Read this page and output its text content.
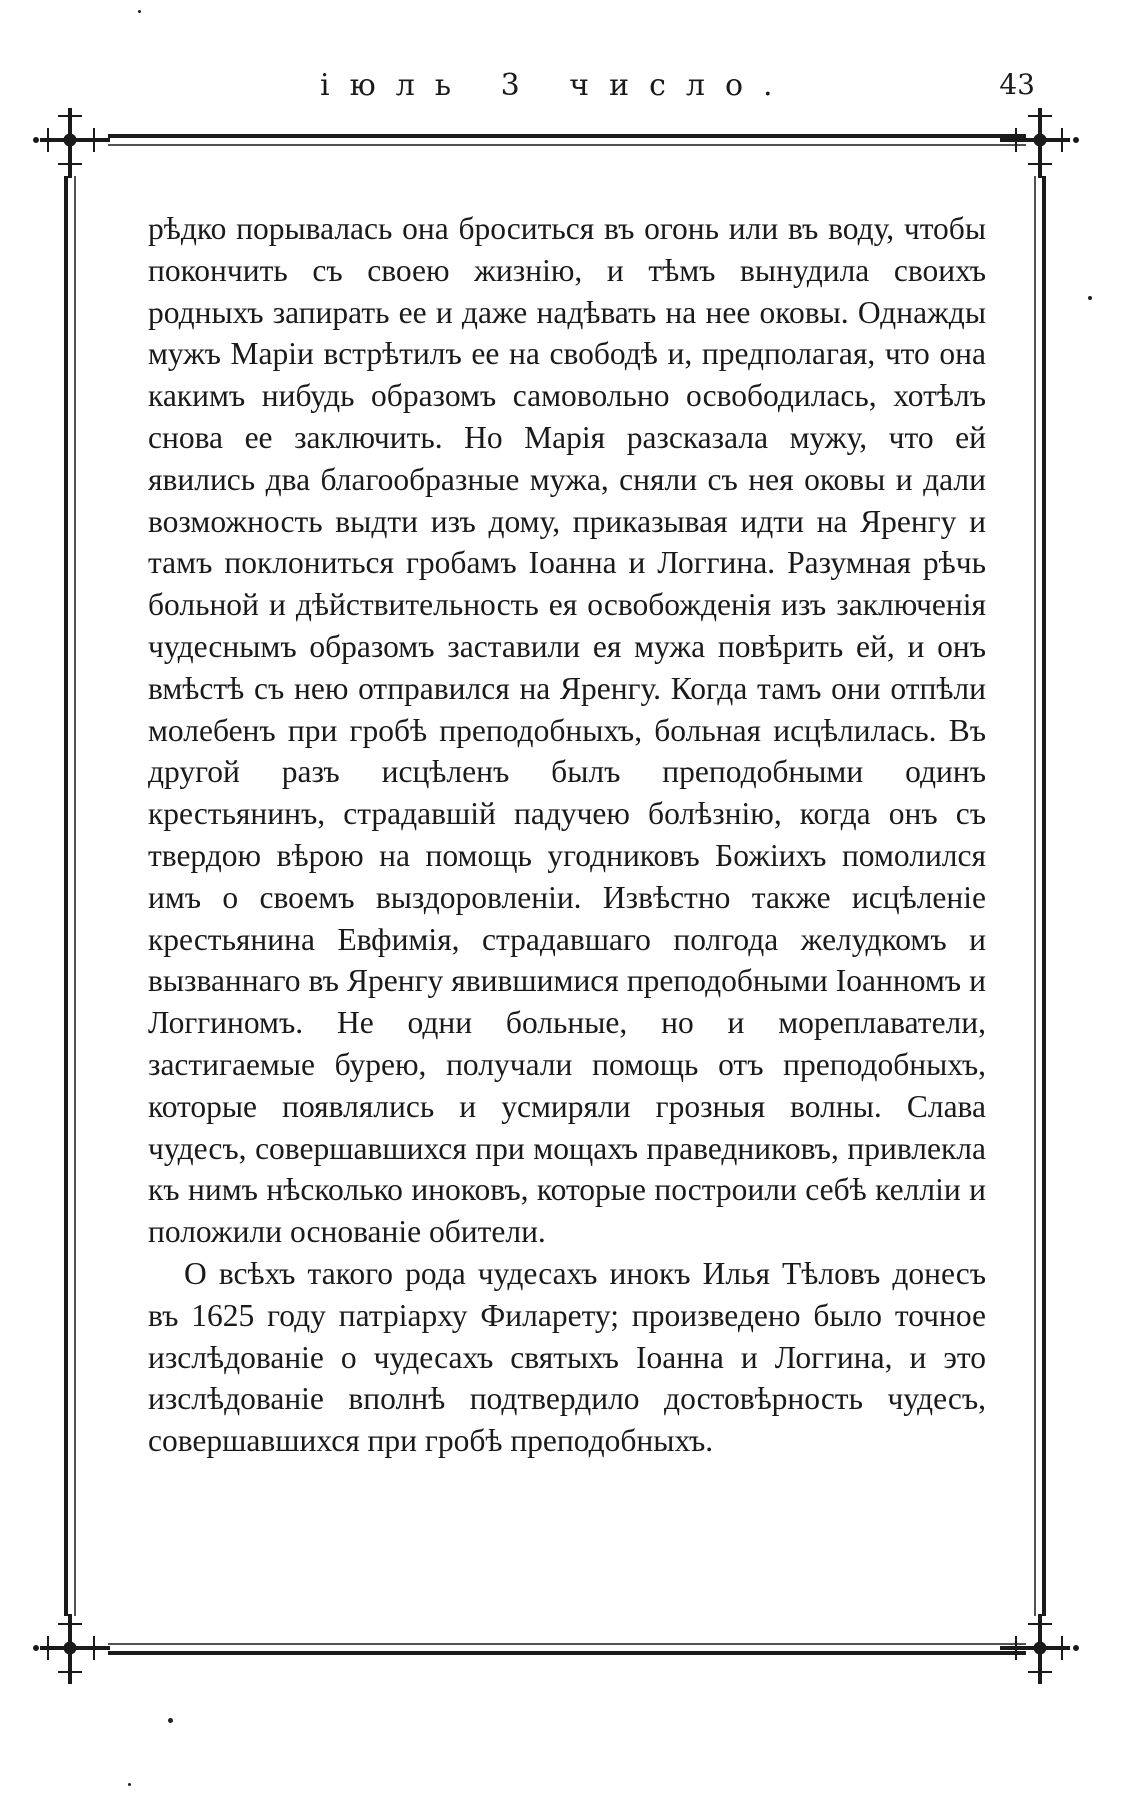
іюль 3 число.	43

рѣдко порывалась она броситься въ огонь или въ воду, чтобы покончить съ своею жизнію, и тѣмъ вынудила своихъ родныхъ запирать ее и даже надѣвать на нее оковы. Однажды мужъ Маріи встрѣтилъ ее на свободѣ и, предполагая, что она какимъ нибудь образомъ самовольно освободилась, хотѣлъ снова ее заключить. Но Марія разсказала мужу, что ей явились два благообразные мужа, сняли съ нея оковы и дали возможность выдти изъ дому, приказывая идти на Яренгу и тамъ поклониться гробамъ Іоанна и Логгина. Разумная рѣчь больной и дѣйствительность ея освобожденія изъ заключенія чудеснымъ образомъ заставили ея мужа повѣрить ей, и онъ вмѣстѣ съ нею отправился на Яренгу. Когда тамъ они отпѣли молебенъ при гробѣ преподобныхъ, больная исцѣлилась. Въ другой разъ исцѣленъ былъ преподобными одинъ крестьянинъ, страдавшій падучею болѣзнію, когда онъ съ твердою вѣрою на помощь угодниковъ Божіихъ помолился имъ о своемъ выздоровленіи. Извѣстно также исцѣленіе крестьянина Евфимія, страдавшаго полгода желудкомъ и вызваннаго въ Яренгу явившимися преподобными Іоанномъ и Логгиномъ. Не одни больные, но и мореплаватели, застигаемые бурею, получали помощь отъ преподобныхъ, которые появлялись и усмиряли грозныя волны. Слава чудесъ, совершавшихся при мощахъ праведниковъ, привлекла къ нимъ нѣсколько иноковъ, которые построили себѣ келліи и положили основаніе обители.

О всѣхъ такого рода чудесахъ инокъ Илья Тѣловъ донесъ въ 1625 году патріарху Филарету; произведено было точное изслѣдованіе о чудесахъ святыхъ Іоанна и Логгина, и это изслѣдованіе вполнѣ подтвердило достовѣрность чудесъ, совершавшихся при гробѣ преподобныхъ.
